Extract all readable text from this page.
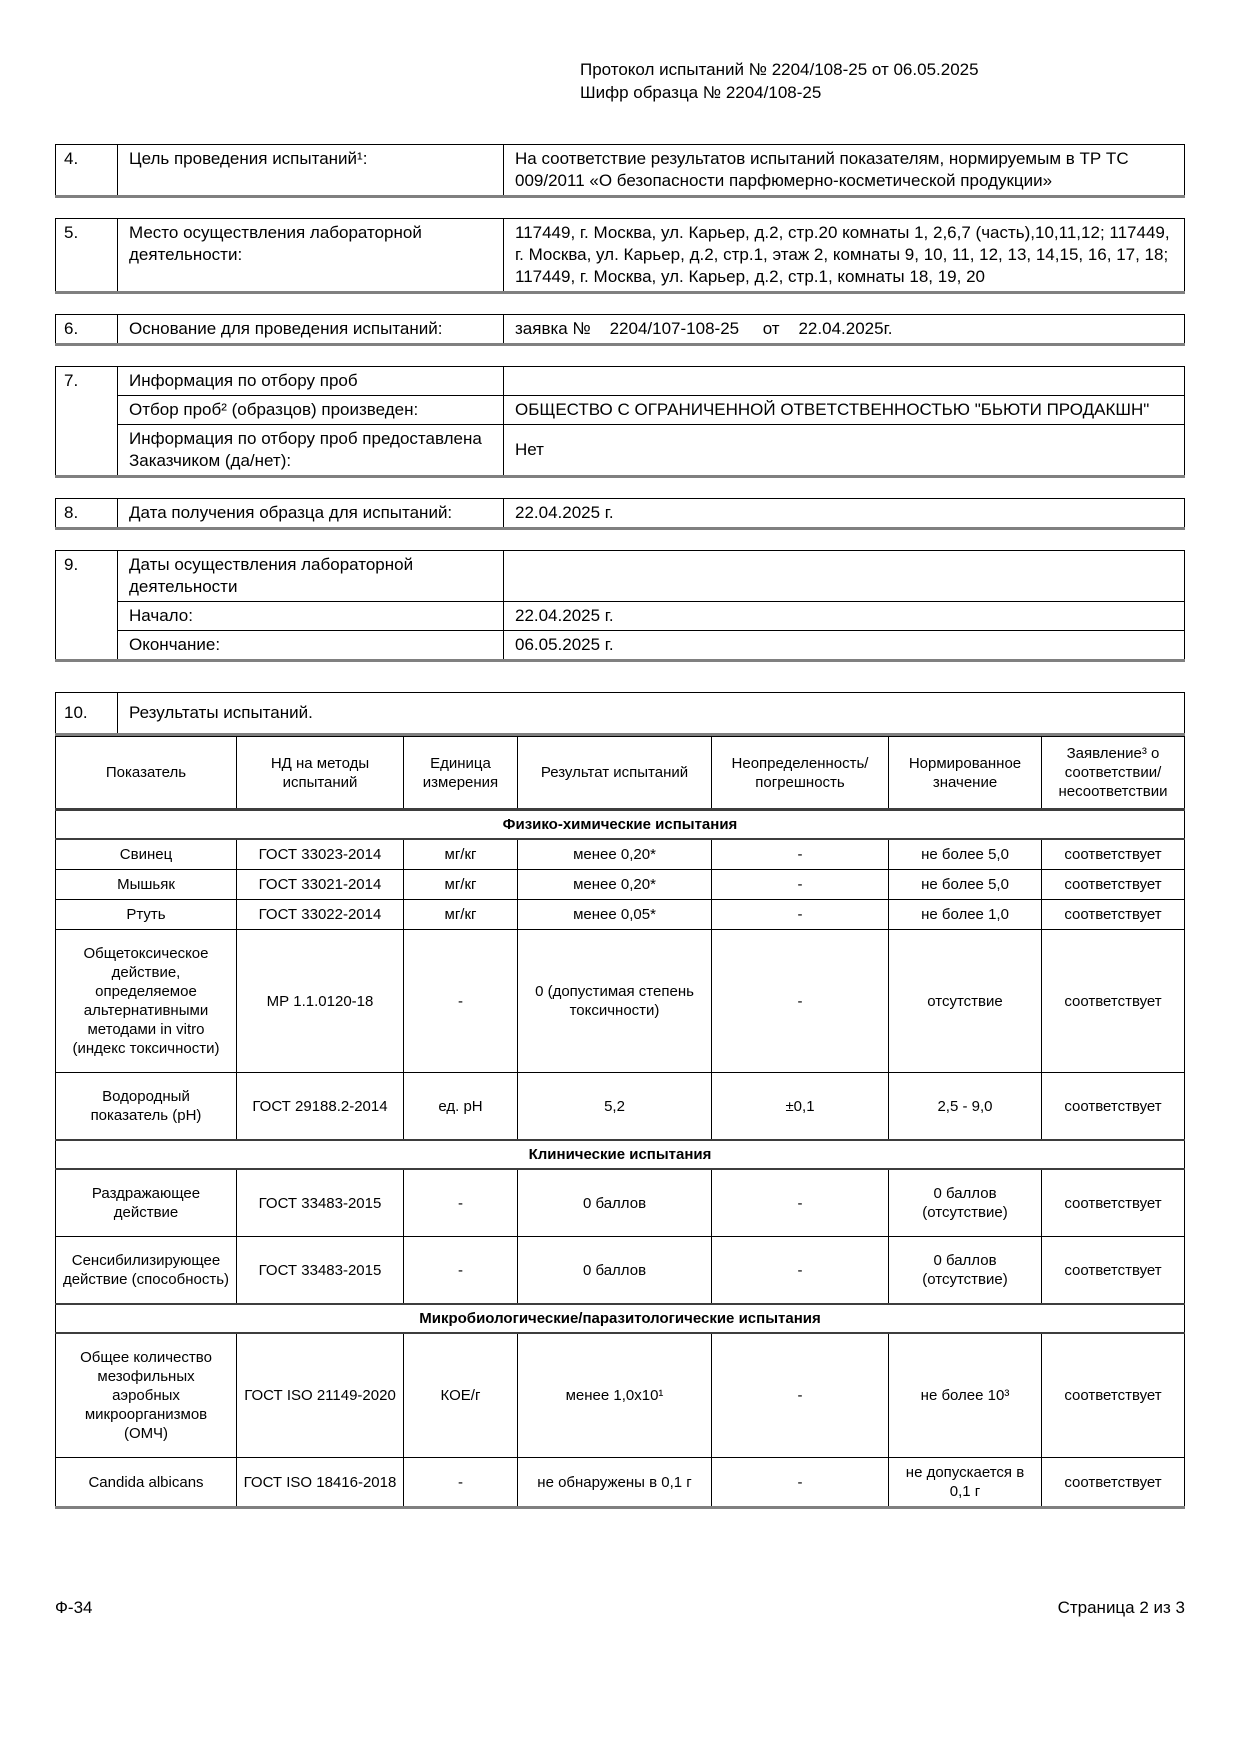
Протокол испытаний № 2204/108-25 от 06.05.2025
Шифр образца № 2204/108-25
4.	Цель проведения испытаний¹:	На соответствие результатов испытаний показателям, нормируемым в ТР ТС 009/2011 «О безопасности парфюмерно-косметической продукции»
5.	Место осуществления лабораторной деятельности:	117449, г. Москва, ул. Карьер, д.2, стр.20 комнаты 1, 2,6,7 (часть),10,11,12; 117449, г. Москва, ул. Карьер, д.2, стр.1, этаж 2, комнаты 9, 10, 11, 12, 13, 14,15, 16, 17, 18; 117449, г. Москва, ул. Карьер, д.2, стр.1, комнаты 18, 19, 20
6.	Основание для проведения испытаний:	заявка №    2204/107-108-25     от    22.04.2025г.
7.	Информация по отбору проб	
	Отбор проб² (образцов) произведен:	ОБЩЕСТВО С ОГРАНИЧЕННОЙ ОТВЕТСТВЕННОСТЬЮ "БЬЮТИ ПРОДАКШН"
	Информация по отбору проб предоставлена Заказчиком (да/нет):	Нет
8.	Дата получения образца для испытаний:	22.04.2025 г.
9.	Даты осуществления лабораторной деятельности	
	Начало:	22.04.2025 г.
	Окончание:	06.05.2025 г.
10.	Результаты испытаний.
Показатель	НД на методы испытаний	Единица измерения	Результат испытаний	Неопределенность/​погрешность	Нормированное значение	Заявление³ о соответствии/​несоответствии
Физико-химические испытания						
Свинец	ГОСТ 33023-2014	мг/кг	менее 0,20*	-	не более 5,0	соответствует
Мышьяк	ГОСТ 33021-2014	мг/кг	менее 0,20*	-	не более 5,0	соответствует
Ртуть	ГОСТ 33022-2014	мг/кг	менее 0,05*	-	не более 1,0	соответствует
Общетоксическое действие, определяемое альтернативными методами in vitro (индекс токсичности)	МР 1.1.0120-18	-	0 (допустимая степень токсичности)	-	отсутствие	соответствует
Водородный показатель (pH)	ГОСТ 29188.2-2014	ед. pH	5,2	±0,1	2,5 - 9,0	соответствует
Клинические испытания						
Раздражающее действие	ГОСТ 33483-2015	-	0 баллов	-	0 баллов (отсутствие)	соответствует
Сенсибилизирующее действие (способность)	ГОСТ 33483-2015	-	0 баллов	-	0 баллов (отсутствие)	соответствует
Микробиологические/паразитологические испытания						
Общее количество мезофильных аэробных микроорганизмов (ОМЧ)	ГОСТ ISO 21149-2020	КОЕ/г	менее 1,0x10¹	-	не более 10³	соответствует
Candida albicans	ГОСТ ISO 18416-2018	-	не обнаружены в 0,1 г	-	не допускается в 0,1 г	соответствует
Ф-34	Страница 2 из 3
